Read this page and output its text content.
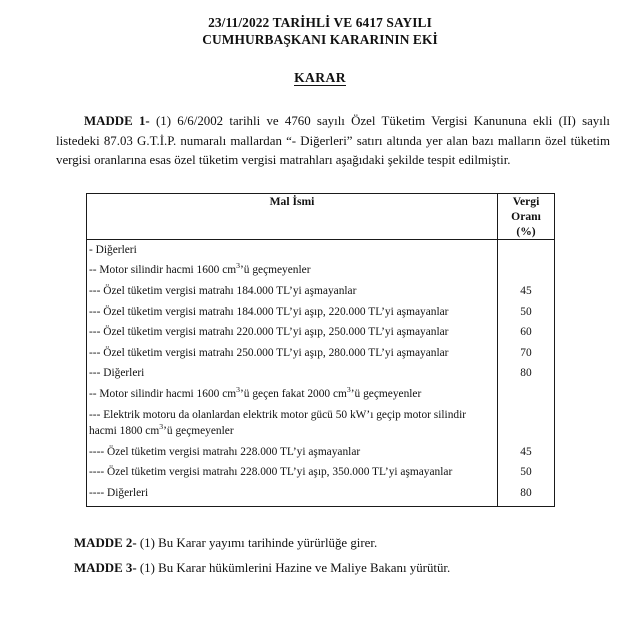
23/11/2022 TARİHLİ VE 6417 SAYILI
CUMHURBAŞKANI KARARININ EKİ
KARAR

MADDE 1- (1) 6/6/2002 tarihli ve 4760 sayılı Özel Tüketim Vergisi Kanununa ekli (II) sayılı listedeki 87.03 G.T.İ.P. numaralı mallardan “- Diğerleri” satırı altında yer alan bazı malların özel tüketim vergisi oranlarına esas özel tüketim vergisi matrahları aşağıdaki şekilde tespit edilmiştir.

Mal İsmi	Vergi Oranı
(%)
- Diğerleri	
-- Motor silindir hacmi 1600 $cm^3’ü$ geçmeyenler	
--- Özel tüketim vergisi matrahı 184.000 TL’yi aşmayanlar	45
--- Özel tüketim vergisi matrahı 184.000 TL’yi aşıp, 220.000 TL’yi aşmayanlar	50
--- Özel tüketim vergisi matrahı 220.000 TL’yi aşıp, 250.000 TL’yi aşmayanlar	60
--- Özel tüketim vergisi matrahı 250.000 TL’yi aşıp, 280.000 TL’yi aşmayanlar	70
--- Diğerleri	80
-- Motor silindir hacmi 1600 $cm^3’ü$ geçen fakat 2000 $cm^3’ü$ geçmeyenler	
--- Elektrik motoru da olanlardan elektrik motor gücü 50 kW’ı geçip motor silindir hacmi 1800 $cm^3’ü$ geçmeyenler	
---- Özel tüketim vergisi matrahı 228.000 TL’yi aşmayanlar	45
---- Özel tüketim vergisi matrahı 228.000 TL’yi aşıp, 350.000 TL’yi aşmayanlar	50
---- Diğerleri	80

MADDE 2- (1) Bu Karar yayımı tarihinde yürürlüğe girer.

MADDE 3- (1) Bu Karar hükümlerini Hazine ve Maliye Bakanı yürütür.
